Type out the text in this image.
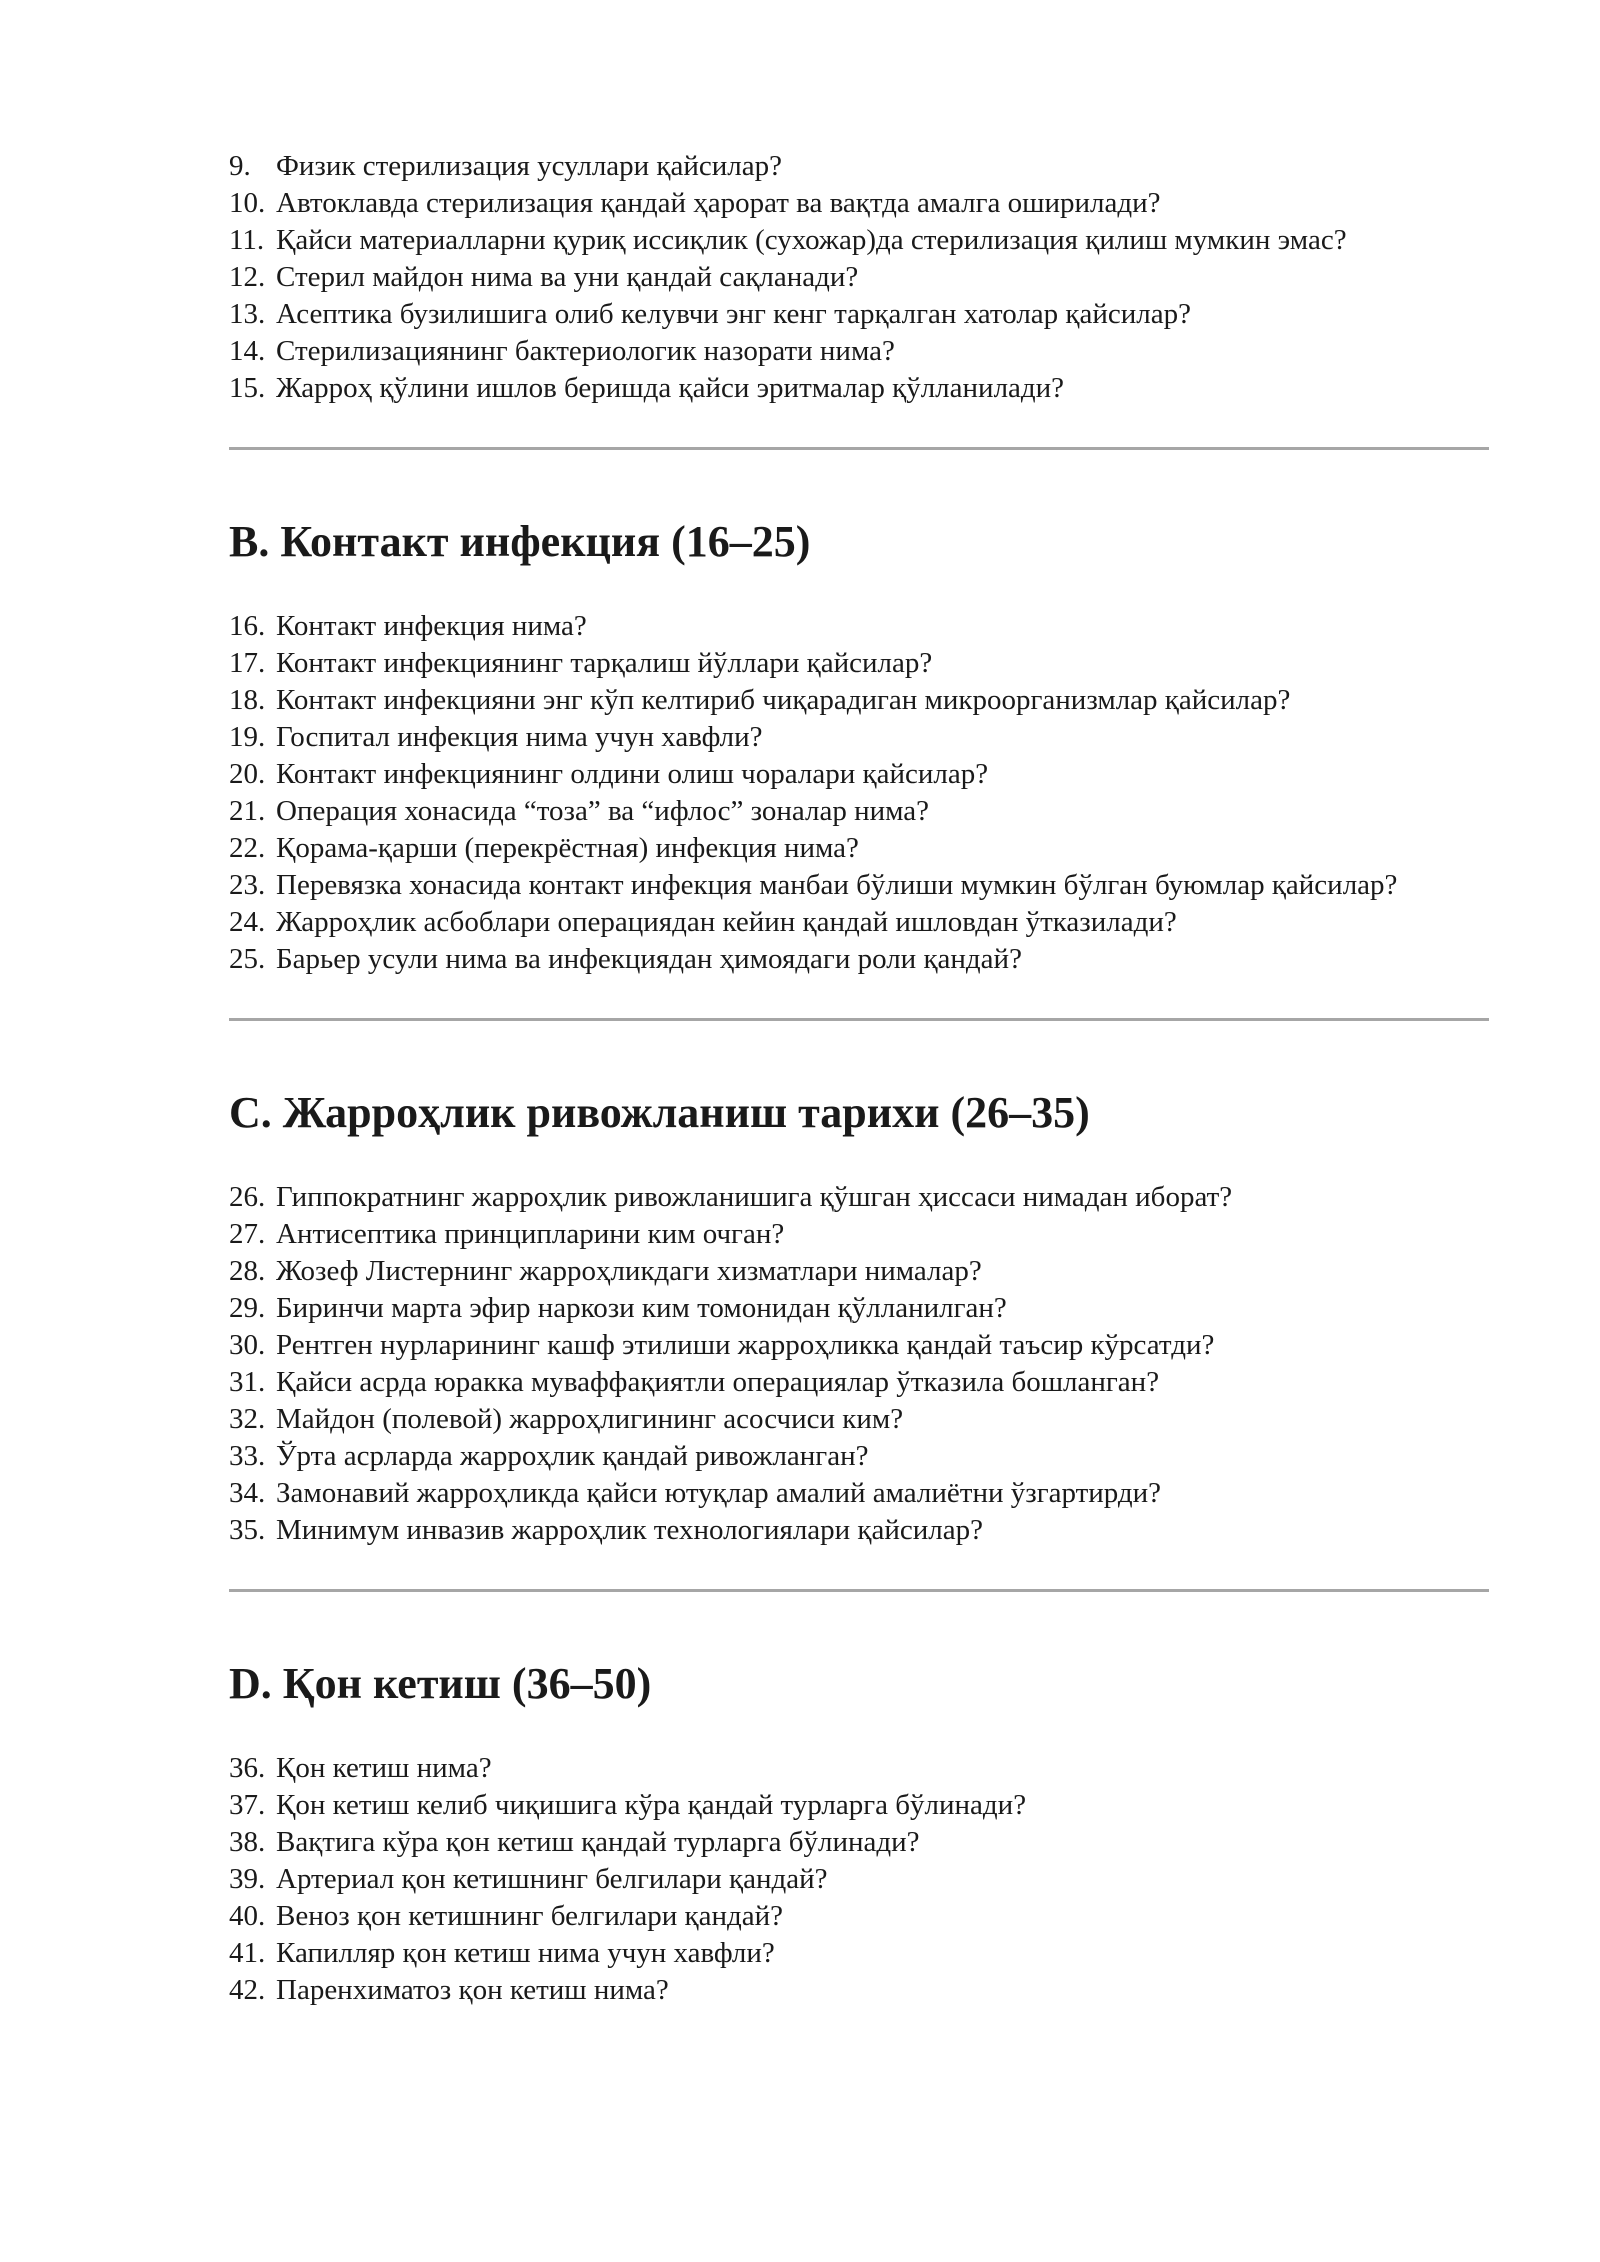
9. Физик стерилизация усуллари қайсилар?
10. Автоклавда стерилизация қандай ҳарорат ва вақтда амалга оширилади?
11. Қайси материалларни қуриқ иссиқлик (сухожар)да стерилизация қилиш мумкин эмас?
12. Стерил майдон нима ва уни қандай сақланади?
13. Асептика бузилишига олиб келувчи энг кенг тарқалган хатолар қайсилар?
14. Стерилизациянинг бактериологик назорати нима?
15. Жарроҳ қўлини ишлов беришда қайси эритмалар қўлланилади?
B. Контакт инфекция (16–25)
16. Контакт инфекция нима?
17. Контакт инфекциянинг тарқалиш йўллари қайсилар?
18. Контакт инфекцияни энг кўп келтириб чиқарадиган микроорганизмлар қайсилар?
19. Госпитал инфекция нима учун хавфли?
20. Контакт инфекциянинг олдини олиш чоралари қайсилар?
21. Операция хонасида “тоза” ва “ифлос” зоналар нима?
22. Қорама-қарши (перекрёстная) инфекция нима?
23. Перевязка хонасида контакт инфекция манбаи бўлиши мумкин бўлган буюмлар қайсилар?
24. Жарроҳлик асбоблари операциядан кейин қандай ишловдан ўтказилади?
25. Барьер усули нима ва инфекциядан ҳимоядаги роли қандай?
C. Жарроҳлик ривожланиш тарихи (26–35)
26. Гиппократнинг жарроҳлик ривожланишига қўшган ҳиссаси нимадан иборат?
27. Антисептика принципларини ким очган?
28. Жозеф Листернинг жарроҳликдаги хизматлари нималар?
29. Биринчи марта эфир наркози ким томонидан қўлланилган?
30. Рентген нурларининг кашф этилиши жарроҳликка қандай таъсир кўрсатди?
31. Қайси асрда юракка муваффақиятли операциялар ўтказила бошланган?
32. Майдон (полевой) жарроҳлигининг асосчиси ким?
33. Ўрта асрларда жарроҳлик қандай ривожланган?
34. Замонавий жарроҳликда қайси ютуқлар амалий амалиётни ўзгартирди?
35. Минимум инвазив жарроҳлик технологиялари қайсилар?
D. Қон кетиш (36–50)
36. Қон кетиш нима?
37. Қон кетиш келиб чиқишига кўра қандай турларга бўлинади?
38. Вақтига кўра қон кетиш қандай турларга бўлинади?
39. Артериал қон кетишнинг белгилари қандай?
40. Веноз қон кетишнинг белгилари қандай?
41. Капилляр қон кетиш нима учун хавфли?
42. Паренхиматоз қон кетиш нима?
